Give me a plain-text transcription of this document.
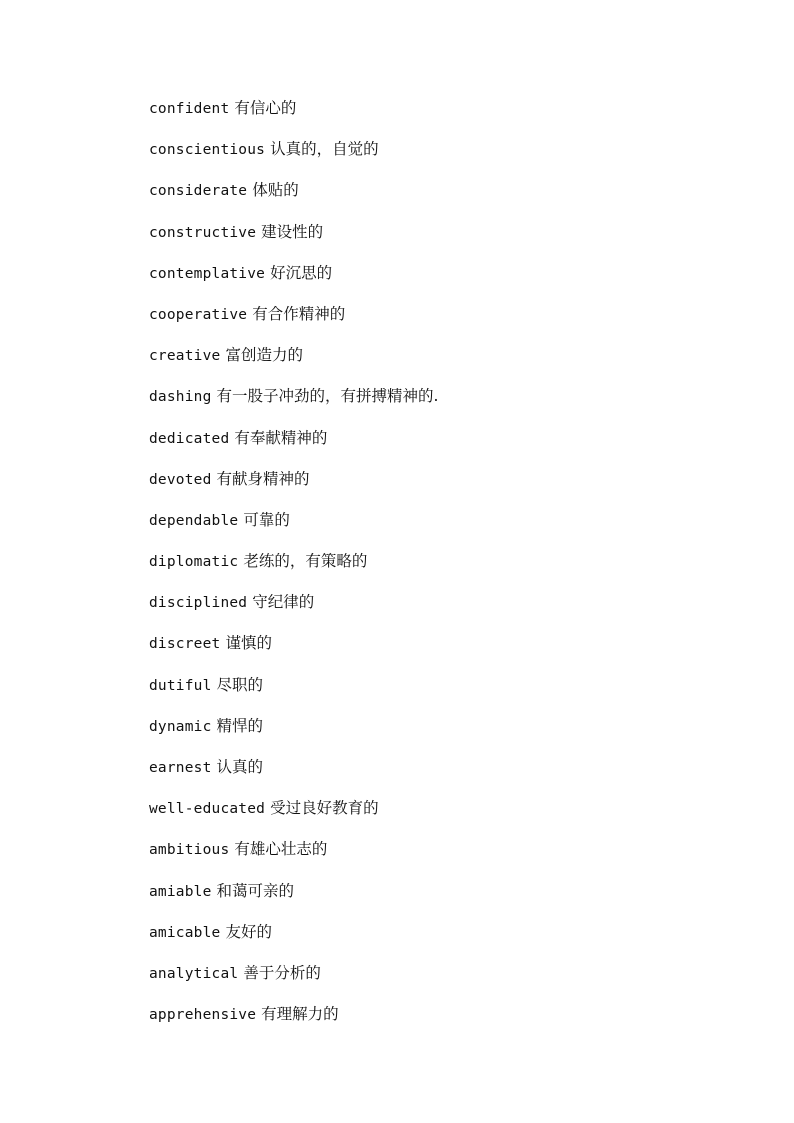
confident 有信心的
conscientious 认真的，自觉的
considerate 体贴的
constructive 建设性的
contemplative 好沉思的
cooperative 有合作精神的
creative 富创造力的
dashing 有一股子冲劲的，有拼搏精神的.
dedicated 有奉献精神的
devoted 有献身精神的
dependable 可靠的
diplomatic 老练的，有策略的
disciplined 守纪律的
discreet 谨慎的
dutiful 尽职的
dynamic 精悍的
earnest 认真的
well-educated 受过良好教育的
ambitious 有雄心壮志的
amiable 和蔼可亲的
amicable 友好的
analytical 善于分析的
apprehensive 有理解力的
